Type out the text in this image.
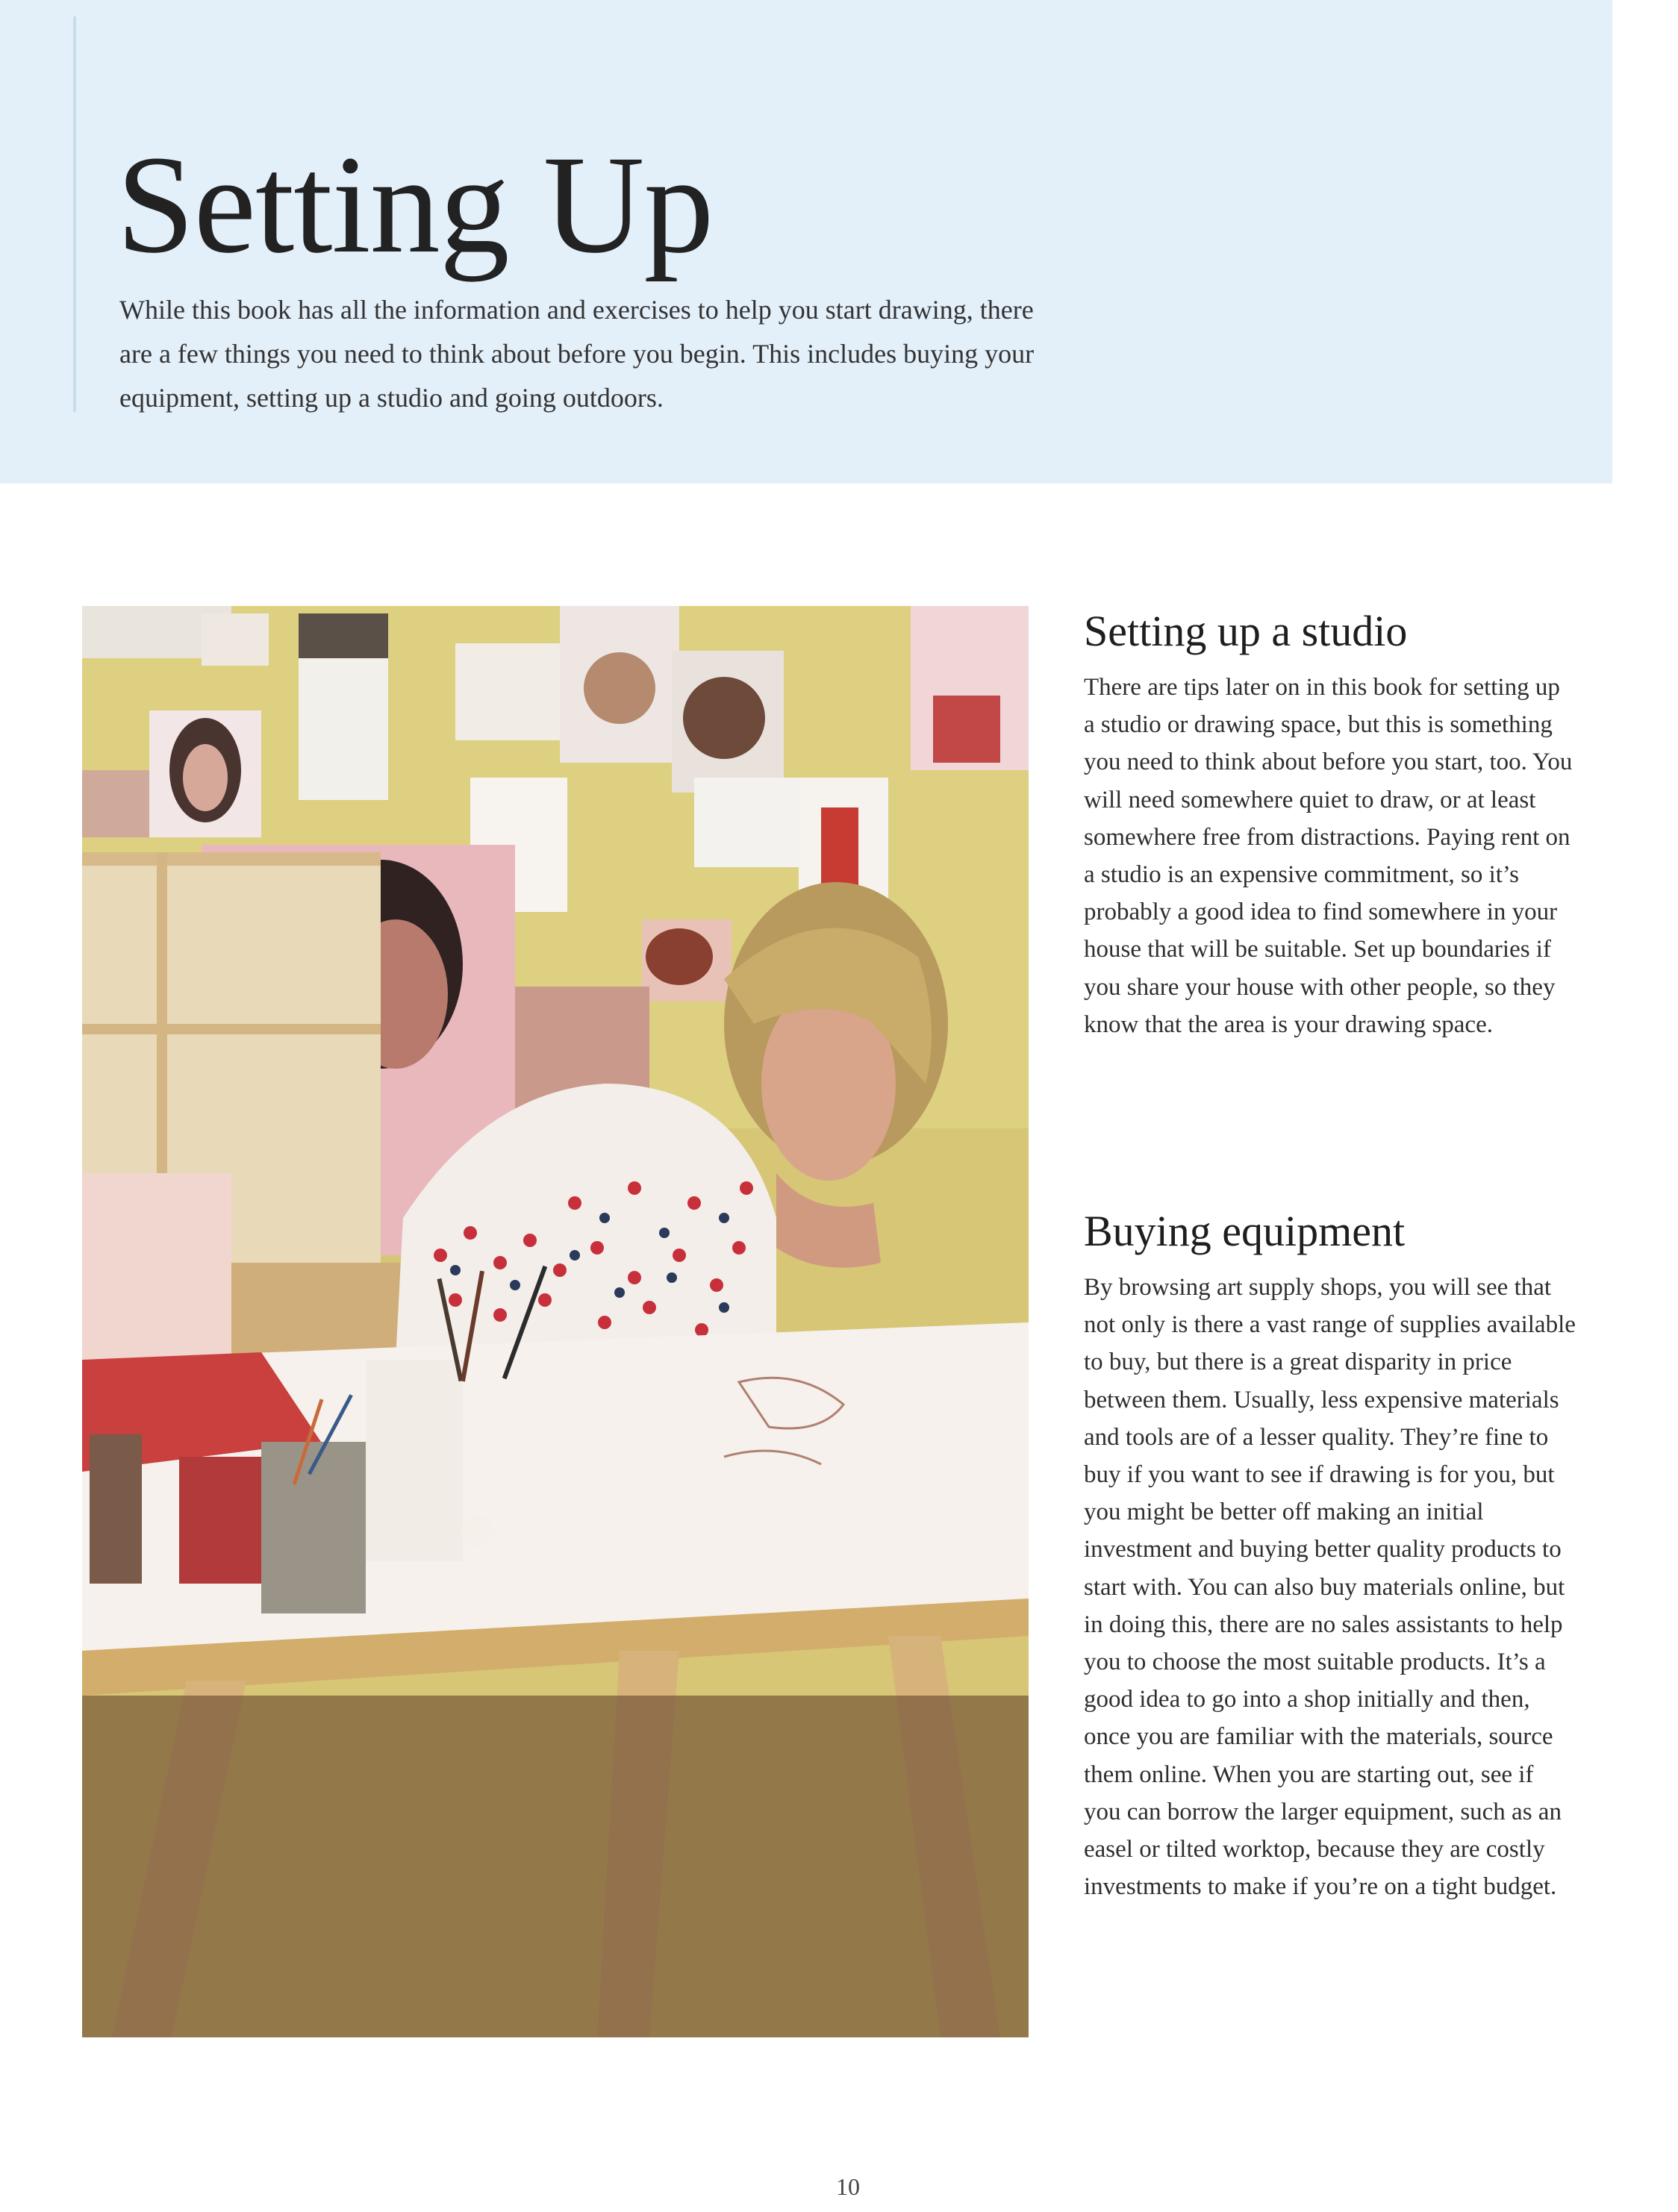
Setting Up

While this book has all the information and exercises to help you start drawing, there are a few things you need to think about before you begin. This includes buying your equipment, setting up a studio and going outdoors.

Setting up a studio

There are tips later on in this book for setting up a studio or drawing space, but this is something you need to think about before you start, too. You will need somewhere quiet to draw, or at least somewhere free from distractions. Paying rent on a studio is an expensive commitment, so it’s probably a good idea to find somewhere in your house that will be suitable. Set up boundaries if you share your house with other people, so they know that the area is your drawing space.

Buying equipment

By browsing art supply shops, you will see that not only is there a vast range of supplies available to buy, but there is a great disparity in price between them. Usually, less expensive materials and tools are of a lesser quality. They’re fine to buy if you want to see if drawing is for you, but you might be better off making an initial investment and buying better quality products to start with. You can also buy materials online, but in doing this, there are no sales assistants to help you to choose the most suitable products. It’s a good idea to go into a shop initially and then, once you are familiar with the materials, source them online. When you are starting out, see if you can borrow the larger equipment, such as an easel or tilted worktop, because they are costly investments to make if you’re on a tight budget.

10
